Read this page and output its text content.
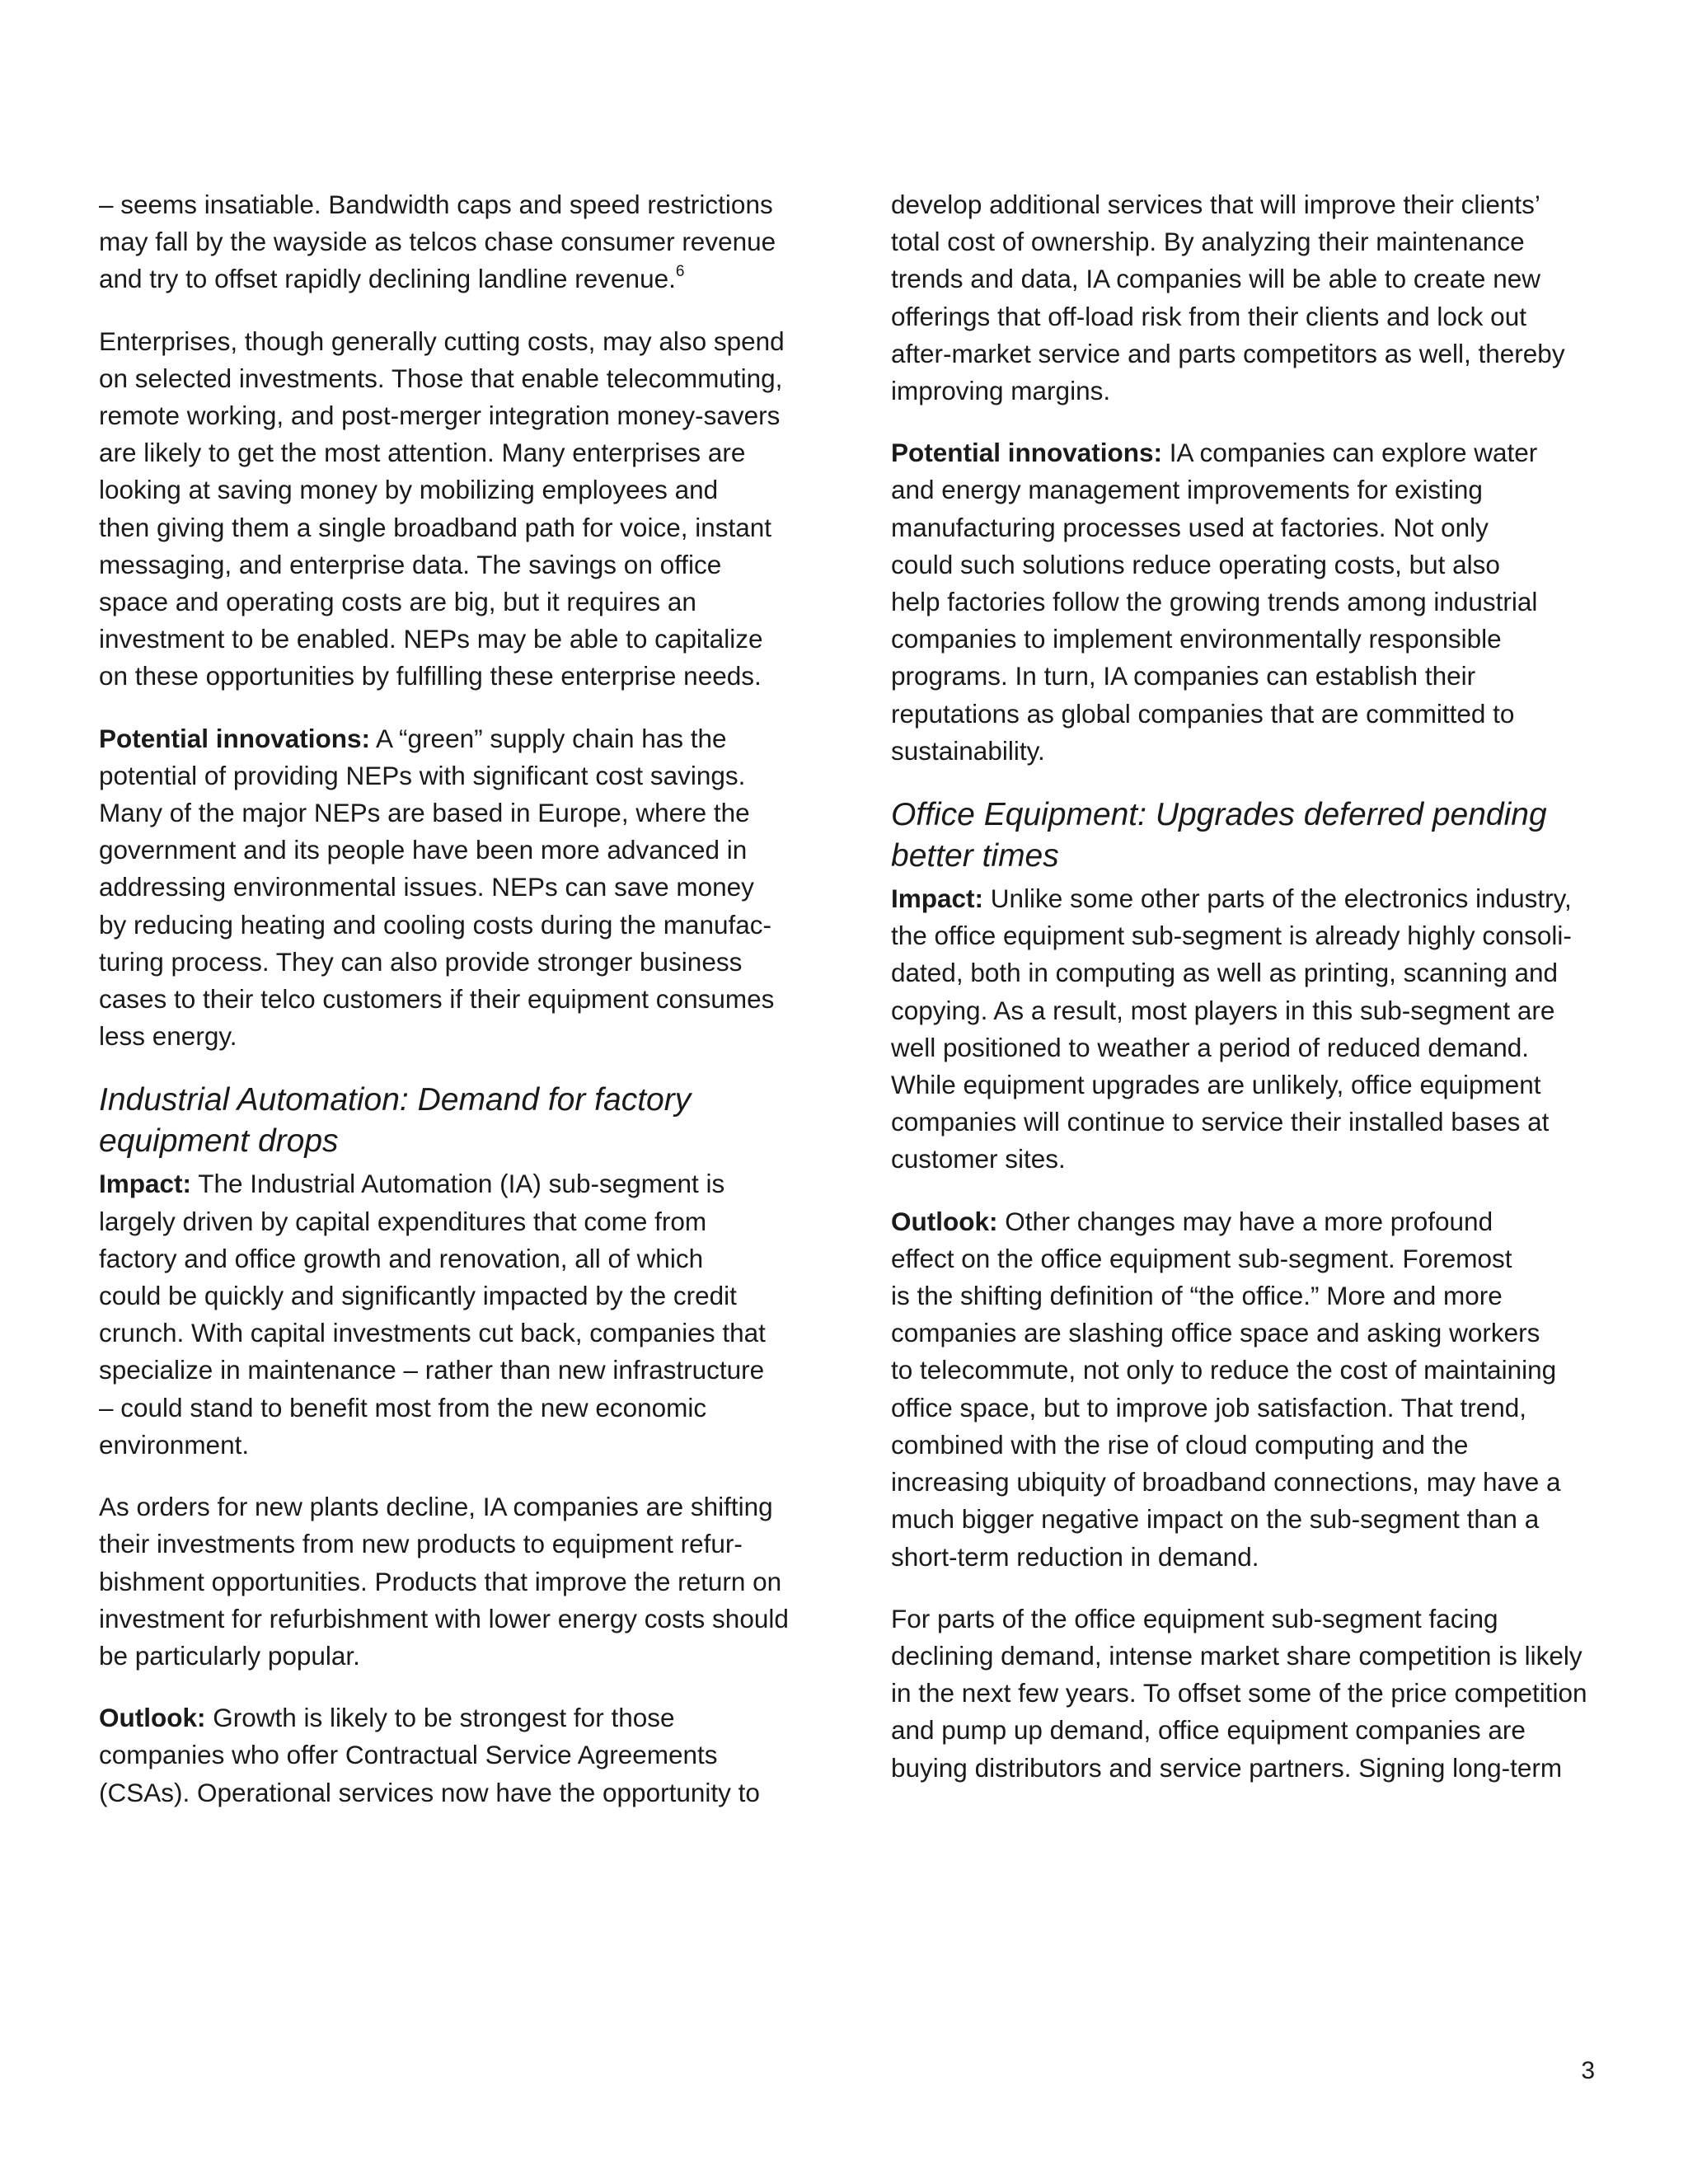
– seems insatiable. Bandwidth caps and speed restrictions
may fall by the wayside as telcos chase consumer revenue
and try to offset rapidly declining landline revenue.$^6$

Enterprises, though generally cutting costs, may also spend
on selected investments. Those that enable telecommuting,
remote working, and post-merger integration money-savers
are likely to get the most attention. Many enterprises are
looking at saving money by mobilizing employees and
then giving them a single broadband path for voice, instant
messaging, and enterprise data. The savings on office
space and operating costs are big, but it requires an
investment to be enabled. NEPs may be able to capitalize
on these opportunities by fulfilling these enterprise needs.

Potential innovations: A “green” supply chain has the
potential of providing NEPs with significant cost savings.
Many of the major NEPs are based in Europe, where the
government and its people have been more advanced in
addressing environmental issues. NEPs can save money
by reducing heating and cooling costs during the manufac-
turing process. They can also provide stronger business
cases to their telco customers if their equipment consumes
less energy.

Industrial Automation: Demand for factory
equipment drops

Impact: The Industrial Automation (IA) sub-segment is
largely driven by capital expenditures that come from
factory and office growth and renovation, all of which
could be quickly and significantly impacted by the credit
crunch. With capital investments cut back, companies that
specialize in maintenance – rather than new infrastructure
– could stand to benefit most from the new economic
environment.

As orders for new plants decline, IA companies are shifting
their investments from new products to equipment refur-
bishment opportunities. Products that improve the return on
investment for refurbishment with lower energy costs should
be particularly popular.

Outlook: Growth is likely to be strongest for those
companies who offer Contractual Service Agreements
(CSAs). Operational services now have the opportunity to

develop additional services that will improve their clients’
total cost of ownership. By analyzing their maintenance
trends and data, IA companies will be able to create new
offerings that off-load risk from their clients and lock out
after-market service and parts competitors as well, thereby
improving margins.

Potential innovations: IA companies can explore water
and energy management improvements for existing
manufacturing processes used at factories. Not only
could such solutions reduce operating costs, but also
help factories follow the growing trends among industrial
companies to implement environmentally responsible
programs. In turn, IA companies can establish their
reputations as global companies that are committed to
sustainability.

Office Equipment: Upgrades deferred pending
better times

Impact: Unlike some other parts of the electronics industry,
the office equipment sub-segment is already highly consoli-
dated, both in computing as well as printing, scanning and
copying. As a result, most players in this sub-segment are
well positioned to weather a period of reduced demand.
While equipment upgrades are unlikely, office equipment
companies will continue to service their installed bases at
customer sites.

Outlook: Other changes may have a more profound
effect on the office equipment sub-segment. Foremost
is the shifting definition of “the office.” More and more
companies are slashing office space and asking workers
to telecommute, not only to reduce the cost of maintaining
office space, but to improve job satisfaction. That trend,
combined with the rise of cloud computing and the
increasing ubiquity of broadband connections, may have a
much bigger negative impact on the sub-segment than a
short-term reduction in demand.

For parts of the office equipment sub-segment facing
declining demand, intense market share competition is likely
in the next few years. To offset some of the price competition
and pump up demand, office equipment companies are
buying distributors and service partners. Signing long-term

3
